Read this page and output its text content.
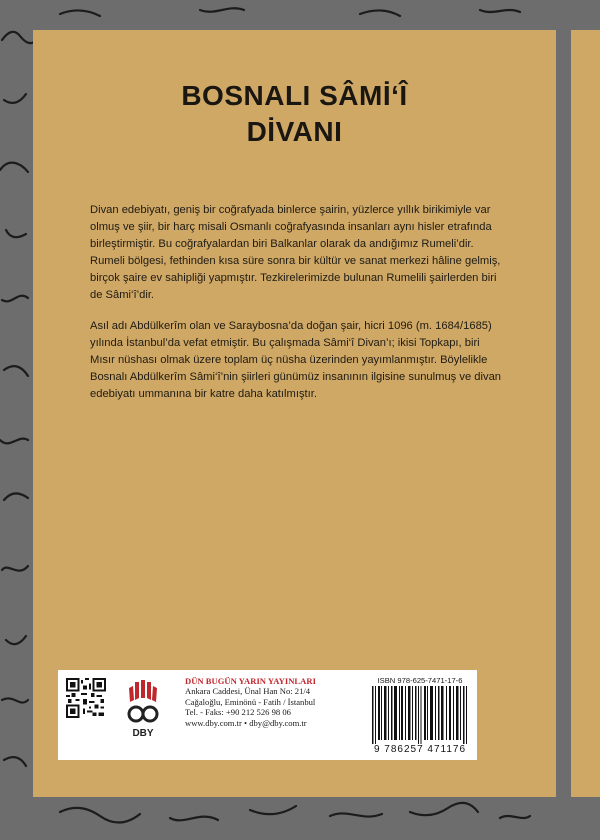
BOSNALI SÂMİ‘Î
DİVANI

Divan edebiyatı, geniş bir coğrafyada binlerce şairin, yüzlerce yıllık birikimiyle var olmuş ve şiir, bir harç misali Osmanlı coğrafyasında insanları aynı hisler etrafında birleştirmiştir. Bu coğrafyalardan biri Balkanlar olarak da andığımız Rumeli’dir. Rumeli bölgesi, fethinden kısa süre sonra bir kültür ve sanat merkezi hâline gelmiş, birçok şaire ev sahipliği yapmıştır. Tezkirelerimizde bulunan Rumelili şairlerden biri de Sâmi‘î’dir.

Asıl adı Abdülkerîm olan ve Saraybosna’da doğan şair, hicri 1096 (m. 1684/1685) yılında İstanbul’da vefat etmiştir. Bu çalışmada Sâmi‘î Divan’ı; ikisi Topkapı, biri Mısır nüshası olmak üzere toplam üç nüsha üzerinden yayımlanmıştır. Böylelikle Bosnalı Abdülkerîm Sâmi‘î’nin şiirleri günümüz insanının ilgisine sunulmuş ve divan edebiyatı ummanına bir katre daha katılmıştır.

DBY
DÜN BUGÜN YARIN YAYINLARI
Ankara Caddesi, Ünal Han No: 21/4
Cağaloğlu, Eminönü - Fatih / İstanbul
Tel. - Faks: +90 212 526 98 06
www.dby.com.tr • dby@dby.com.tr
ISBN 978-625-7471-17-6
9 786257 471176
